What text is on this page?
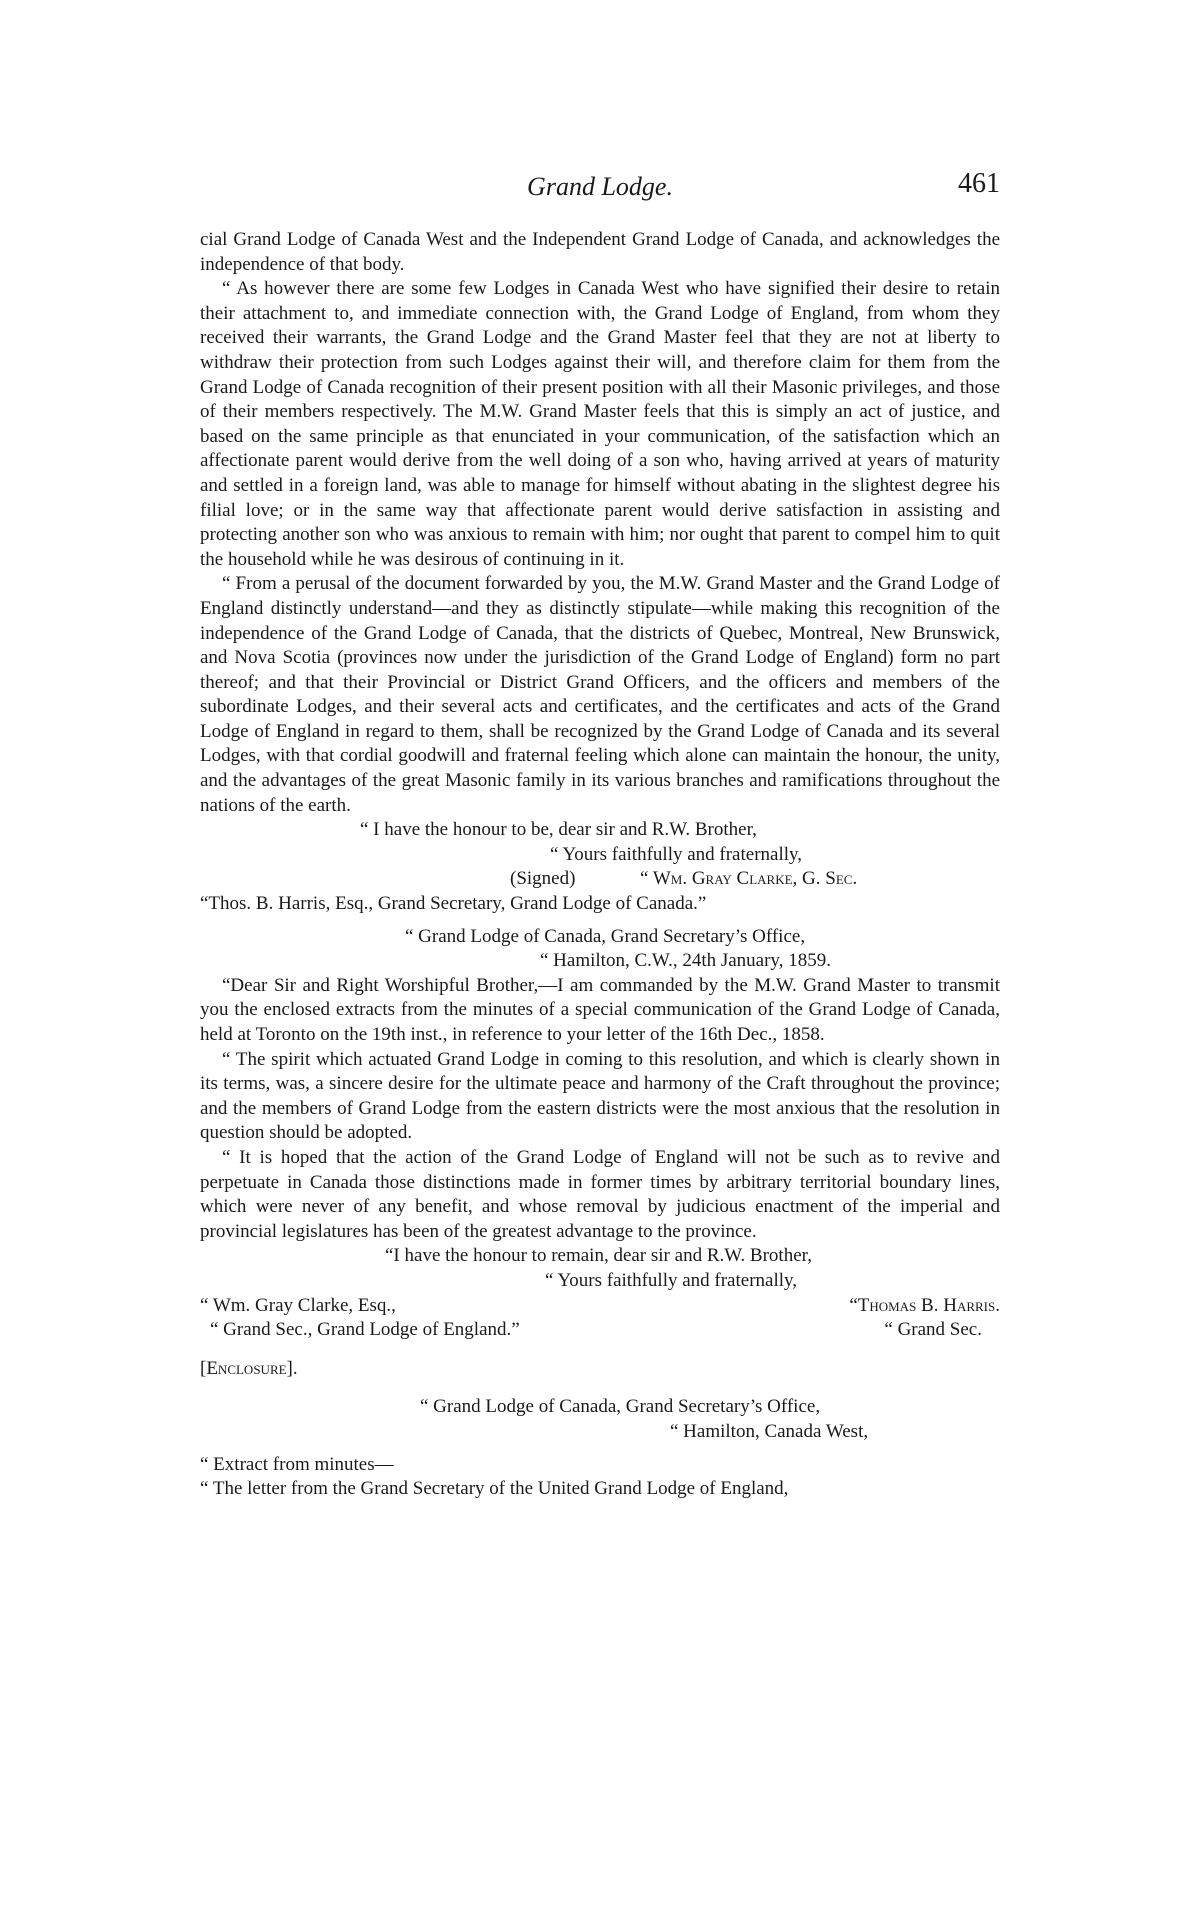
Grand Lodge.	461

cial Grand Lodge of Canada West and the Independent Grand Lodge of Canada, and acknowledges the independence of that body.

“ As however there are some few Lodges in Canada West who have signified their desire to retain their attachment to, and immediate connection with, the Grand Lodge of England, from whom they received their warrants, the Grand Lodge and the Grand Master feel that they are not at liberty to withdraw their protection from such Lodges against their will, and therefore claim for them from the Grand Lodge of Canada recognition of their present position with all their Masonic privileges, and those of their members respectively. The M.W. Grand Master feels that this is simply an act of justice, and based on the same principle as that enunciated in your communication, of the satisfaction which an affectionate parent would derive from the well doing of a son who, having arrived at years of maturity and settled in a foreign land, was able to manage for himself without abating in the slightest degree his filial love; or in the same way that affectionate parent would derive satisfaction in assisting and protecting another son who was anxious to remain with him; nor ought that parent to compel him to quit the household while he was desirous of continuing in it.

“ From a perusal of the document forwarded by you, the M.W. Grand Master and the Grand Lodge of England distinctly understand—and they as distinctly stipulate—while making this recognition of the independence of the Grand Lodge of Canada, that the districts of Quebec, Montreal, New Brunswick, and Nova Scotia (provinces now under the jurisdiction of the Grand Lodge of England) form no part thereof; and that their Provincial or District Grand Officers, and the officers and members of the subordinate Lodges, and their several acts and certificates, and the certificates and acts of the Grand Lodge of England in regard to them, shall be recognized by the Grand Lodge of Canada and its several Lodges, with that cordial goodwill and fraternal feeling which alone can maintain the honour, the unity, and the advantages of the great Masonic family in its various branches and ramifications throughout the nations of the earth.

“ I have the honour to be, dear sir and R.W. Brother,

“ Yours faithfully and fraternally,

(Signed)	“ Wm. Gray Clarke, G. Sec.

“Thos. B. Harris, Esq., Grand Secretary, Grand Lodge of Canada.”

“ Grand Lodge of Canada, Grand Secretary’s Office,

“ Hamilton, C.W., 24th January, 1859.

“Dear Sir and Right Worshipful Brother,—I am commanded by the M.W. Grand Master to transmit you the enclosed extracts from the minutes of a special communication of the Grand Lodge of Canada, held at Toronto on the 19th inst., in reference to your letter of the 16th Dec., 1858.

“ The spirit which actuated Grand Lodge in coming to this resolution, and which is clearly shown in its terms, was, a sincere desire for the ultimate peace and harmony of the Craft throughout the province; and the members of Grand Lodge from the eastern districts were the most anxious that the resolution in question should be adopted.

“ It is hoped that the action of the Grand Lodge of England will not be such as to revive and perpetuate in Canada those distinctions made in former times by arbitrary territorial boundary lines, which were never of any benefit, and whose removal by judicious enactment of the imperial and provincial legislatures has been of the greatest advantage to the province.

“I have the honour to remain, dear sir and R.W. Brother,

“ Yours faithfully and fraternally,

“ Wm. Gray Clarke, Esq.,	“Thomas B. Harris.
“ Grand Sec., Grand Lodge of England.”	“ Grand Sec.

[Enclosure].

“ Grand Lodge of Canada, Grand Secretary’s Office,

“ Hamilton, Canada West,

“ Extract from minutes—

“ The letter from the Grand Secretary of the United Grand Lodge of England,
